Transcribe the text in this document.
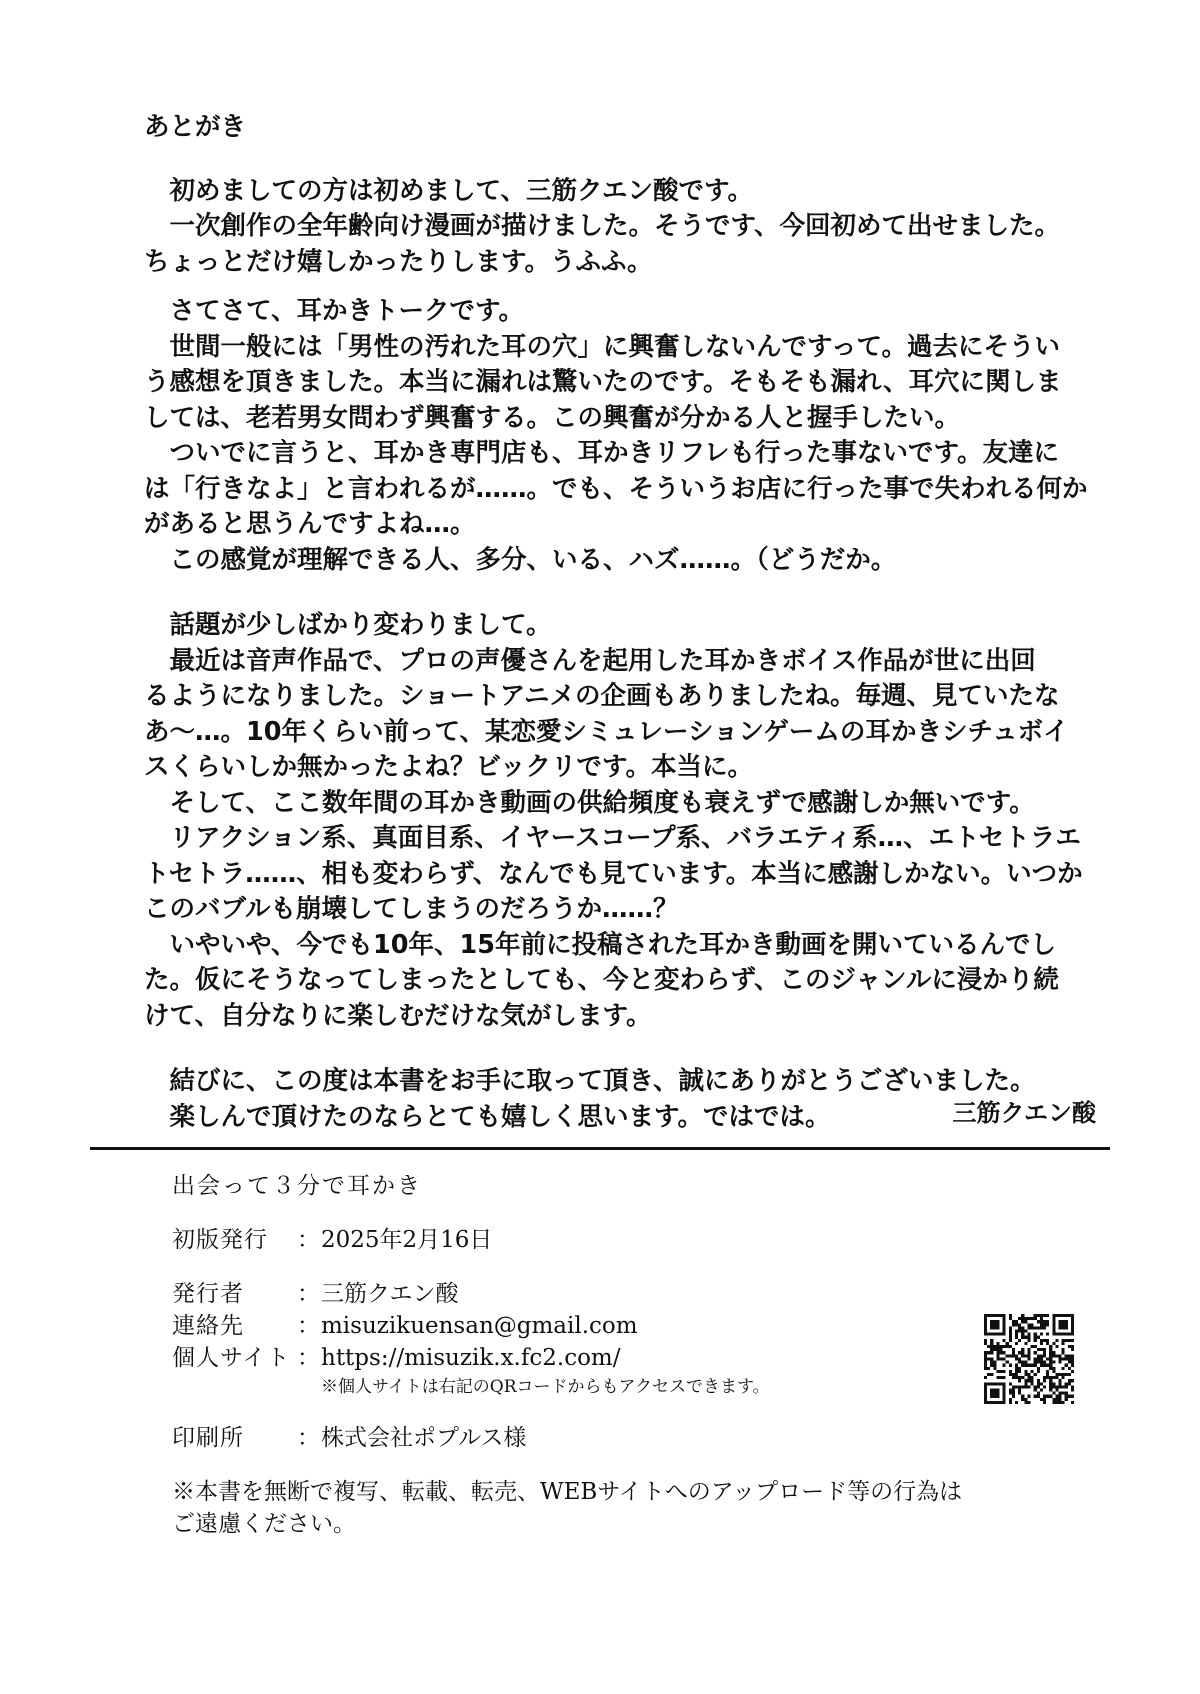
あとがき

　初めましての方は初めまして、三筋クエン酸です。
　一次創作の全年齢向け漫画が描けました。そうです、今回初めて出せました。
ちょっとだけ嬉しかったりします。うふふ。

　さてさて、耳かきトークです。
　世間一般には「男性の汚れた耳の穴」に興奮しないんですって。過去にそうい
う感想を頂きました。本当に漏れは驚いたのです。そもそも漏れ、耳穴に関しま
しては、老若男女問わず興奮する。この興奮が分かる人と握手したい。
　ついでに言うと、耳かき専門店も、耳かきリフレも行った事ないです。友達に
は「行きなよ」と言われるが……。でも、そういうお店に行った事で失われる何か
があると思うんですよね…。
　この感覚が理解できる人、多分、いる、ハズ……。（どうだか。

　話題が少しばかり変わりまして。
　最近は音声作品で、プロの声優さんを起用した耳かきボイス作品が世に出回
るようになりました。ショートアニメの企画もありましたね。毎週、見ていたな
あ～…。10年くらい前って、某恋愛シミュレーションゲームの耳かきシチュボイ
スくらいしか無かったよね？ビックリです。本当に。
　そして、ここ数年間の耳かき動画の供給頻度も衰えずで感謝しか無いです。
　リアクション系、真面目系、イヤースコープ系、バラエティ系…、エトセトラエ
トセトラ……、相も変わらず、なんでも見ています。本当に感謝しかない。いつか
このバブルも崩壊してしまうのだろうか……？
　いやいや、今でも10年、15年前に投稿された耳かき動画を開いているんでし
た。仮にそうなってしまったとしても、今と変わらず、このジャンルに浸かり続
けて、自分なりに楽しむだけな気がします。

　結びに、この度は本書をお手に取って頂き、誠にありがとうございました。
　楽しんで頂けたのならとても嬉しく思います。ではでは。	三筋クエン酸
出会って３分で耳かき
初版発行	： 2025年2月16日
発行者	： 三筋クエン酸
連絡先	： misuzikuensan@gmail.com
個人サイト ： https://misuzik.x.fc2.com/
※個人サイトは右記のQRコードからもアクセスできます。
印刷所	： 株式会社ポプルス様
※本書を無断で複写、転載、転売、WEBサイトへのアップロード等の行為は
ご遠慮ください。
